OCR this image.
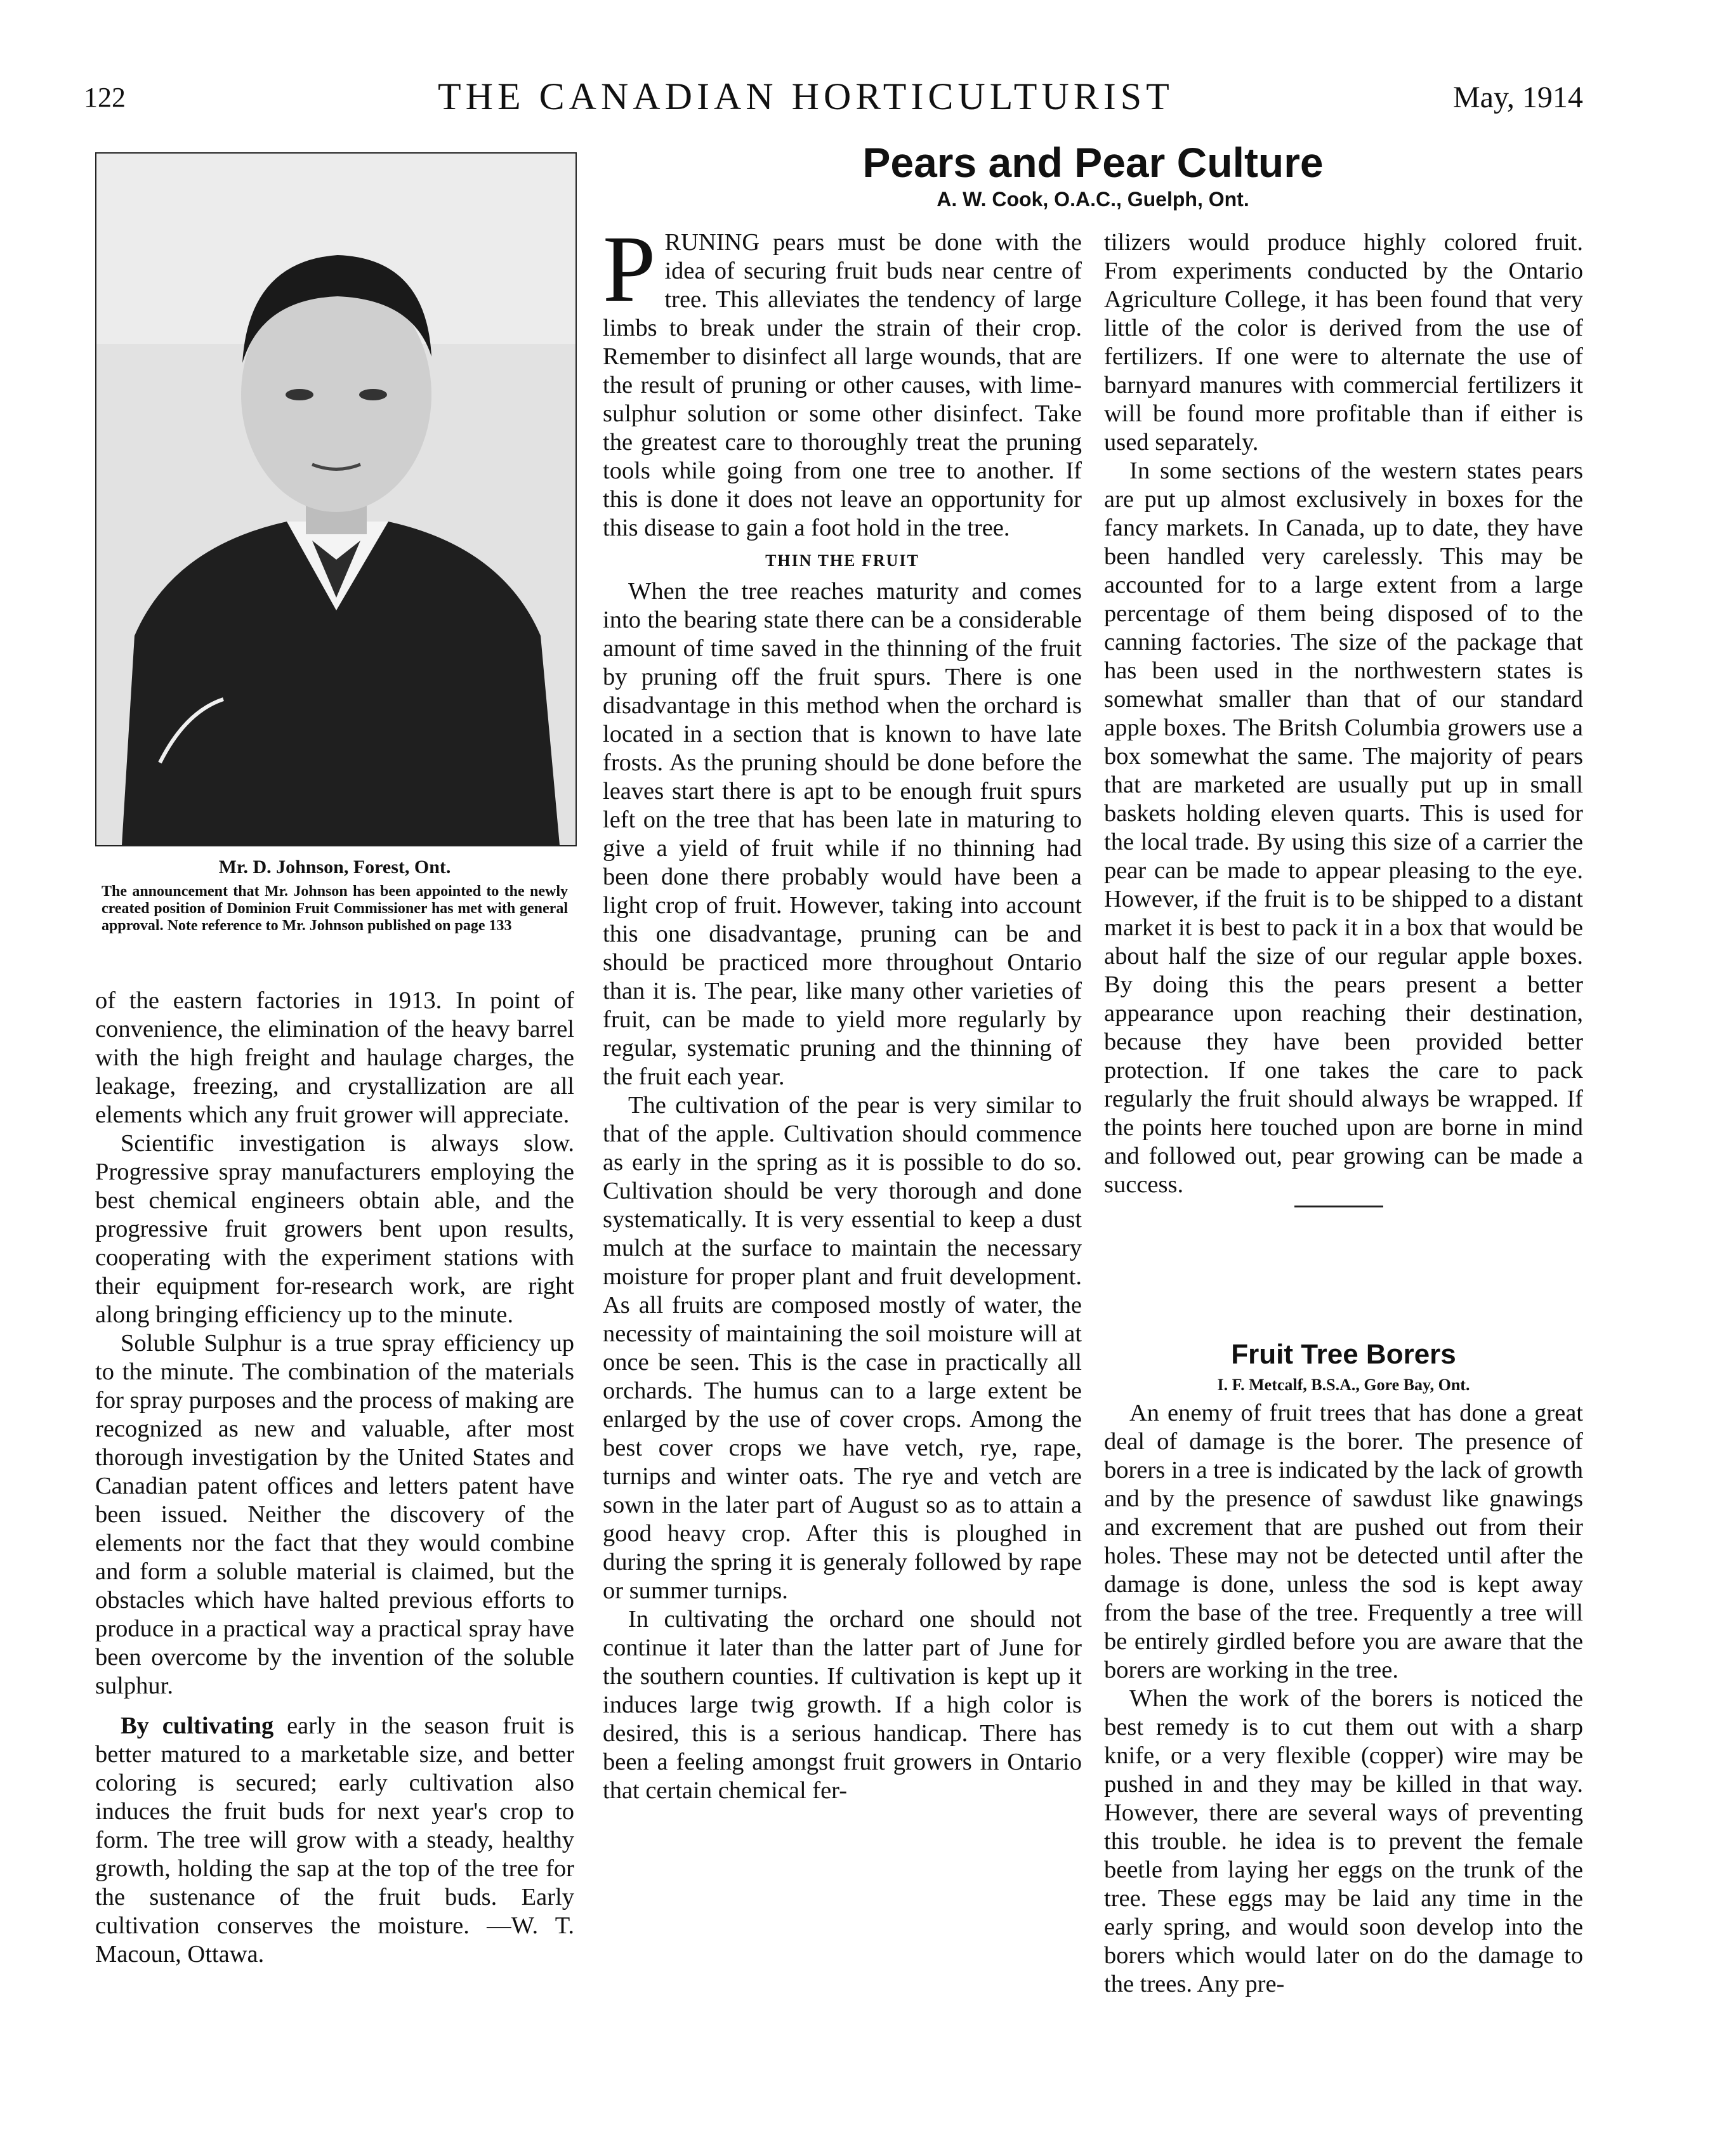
122	THE CANADIAN HORTICULTURIST	May, 1914
Mr. D. Johnson, Forest, Ont.
The announcement that Mr. Johnson has been appointed to the newly created position of Dominion Fruit Commissioner has met with general approval. Note reference to Mr. Johnson published on page 133

of the eastern factories in 1913. In point of convenience, the elimination of the heavy barrel with the high freight and haulage charges, the leakage, freezing, and crystallization are all elements which any fruit grower will appreciate.

Scientific investigation is always slow. Progressive spray manufacturers employing the best chemical engineers obtain able, and the progressive fruit growers bent upon results, cooperating with the experiment stations with their equipment for-research work, are right along bringing efficiency up to the minute.

Soluble Sulphur is a true spray efficiency up to the minute. The combination of the materials for spray purposes and the process of making are recognized as new and valuable, after most thorough investigation by the United States and Canadian patent offices and letters patent have been issued. Neither the discovery of the elements nor the fact that they would combine and form a soluble material is claimed, but the obstacles which have halted previous efforts to produce in a practical way a practical spray have been overcome by the invention of the soluble sulphur.

By cultivating early in the season fruit is better matured to a marketable size, and better coloring is secured; early cultivation also induces the fruit buds for next year's crop to form. The tree will grow with a steady, healthy growth, holding the sap at the top of the tree for the sustenance of the fruit buds. Early cultivation conserves the moisture. —W. T. Macoun, Ottawa.

Pears and Pear Culture
A. W. Cook, O.A.C., Guelph, Ont.

PRUNING pears must be done with the idea of securing fruit buds near centre of tree. This alleviates the tendency of large limbs to break under the strain of their crop. Remember to disinfect all large wounds, that are the result of pruning or other causes, with lime-sulphur solution or some other disinfect. Take the greatest care to thoroughly treat the pruning tools while going from one tree to another. If this is done it does not leave an opportunity for this disease to gain a foot hold in the tree.

THIN THE FRUIT

When the tree reaches maturity and comes into the bearing state there can be a considerable amount of time saved in the thinning of the fruit by pruning off the fruit spurs. There is one disadvantage in this method when the orchard is located in a section that is known to have late frosts. As the pruning should be done before the leaves start there is apt to be enough fruit spurs left on the tree that has been late in maturing to give a yield of fruit while if no thinning had been done there probably would have been a light crop of fruit. However, taking into account this one disadvantage, pruning can be and should be practiced more throughout Ontario than it is. The pear, like many other varieties of fruit, can be made to yield more regularly by regular, systematic pruning and the thinning of the fruit each year.

The cultivation of the pear is very similar to that of the apple. Cultivation should commence as early in the spring as it is possible to do so. Cultivation should be very thorough and done systematically. It is very essential to keep a dust mulch at the surface to maintain the necessary moisture for proper plant and fruit development. As all fruits are composed mostly of water, the necessity of maintaining the soil moisture will at once be seen. This is the case in practically all orchards. The humus can to a large extent be enlarged by the use of cover crops. Among the best cover crops we have vetch, rye, rape, turnips and winter oats. The rye and vetch are sown in the later part of August so as to attain a good heavy crop. After this is ploughed in during the spring it is generaly followed by rape or summer turnips.

In cultivating the orchard one should not continue it later than the latter part of June for the southern counties. If cultivation is kept up it induces large twig growth. If a high color is desired, this is a serious handicap. There has been a feeling amongst fruit growers in Ontario that certain chemical fer-

tilizers would produce highly colored fruit. From experiments conducted by the Ontario Agriculture College, it has been found that very little of the color is derived from the use of fertilizers. If one were to alternate the use of barnyard manures with commercial fertilizers it will be found more profitable than if either is used separately.

In some sections of the western states pears are put up almost exclusively in boxes for the fancy markets. In Canada, up to date, they have been handled very carelessly. This may be accounted for to a large extent from a large percentage of them being disposed of to the canning factories. The size of the package that has been used in the northwestern states is somewhat smaller than that of our standard apple boxes. The Britsh Columbia growers use a box somewhat the same. The majority of pears that are marketed are usually put up in small baskets holding eleven quarts. This is used for the local trade. By using this size of a carrier the pear can be made to appear pleasing to the eye. However, if the fruit is to be shipped to a distant market it is best to pack it in a box that would be about half the size of our regular apple boxes. By doing this the pears present a better appearance upon reaching their destination, because they have been provided better protection. If one takes the care to pack regularly the fruit should always be wrapped. If the points here touched upon are borne in mind and followed out, pear growing can be made a success.

Fruit Tree Borers
I. F. Metcalf, B.S.A., Gore Bay, Ont.

An enemy of fruit trees that has done a great deal of damage is the borer. The presence of borers in a tree is indicated by the lack of growth and by the presence of sawdust like gnawings and excrement that are pushed out from their holes. These may not be detected until after the damage is done, unless the sod is kept away from the base of the tree. Frequently a tree will be entirely girdled before you are aware that the borers are working in the tree.

When the work of the borers is noticed the best remedy is to cut them out with a sharp knife, or a very flexible (copper) wire may be pushed in and they may be killed in that way. However, there are several ways of preventing this trouble. he idea is to prevent the female beetle from laying her eggs on the trunk of the tree. These eggs may be laid any time in the early spring, and would soon develop into the borers which would later on do the damage to the trees. Any pre-
